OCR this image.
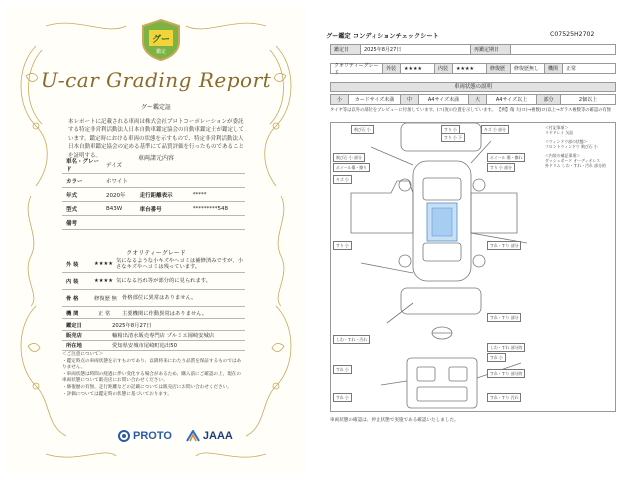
グー
鑑定
U-car Grading Report
グー鑑定証
本レポートに記載される車両は株式会社プロトコーポレーションが委託する特定非営利活動法人日本自動車鑑定協会の自動車鑑定士が鑑定しています。鑑定時における車両の状態を示すもので、特定非営利活動法人日本自動車鑑定協会の定める基準にて品質評価を行ったものであることを証明する。	車両諸元内容
車名・グレード	デイズ		
カラー	ホワイト		
年式	2020年	走行距離表示	*****
型式	B43W	車台番号	*********548
備考			
クオリティーグレード
外 装	★★★★
気になるような小キズやヘコミは補修済みですが、小さなキズやヘコミは残っています。
内 装	★★★★ 気になる汚れ等が部分的に見られます。
骨 格	修復歴 無 骨格部位に異常はありません。
機 関	正 常	主要機関に作動異常はありません。
鑑定日	2025年8月27日
販売店	輸箱出清水販売専門店 プルミエ岡崎安城店
所在地	愛知県安城市尾崎町追出50
＜ご注意について＞
・鑑定時点の車両状態を示すものであり、以降将来にわたり品質を保証するものではありません。
・車両状態は時間の経過に伴い変化する場合があるため、購入前にご確認の上、現在の車両状態について販売店にお問い合わせください。
・修復歴の有無、走行距離などの記載については販売店にお問い合わせください。
・評価については鑑定時の状態に基づいております。
PROTO	JAAA
グー鑑定 コンディションチェックシート	C07525H2702
鑑定日	2025年8月27日	再鑑定期日
クオリティーグレード
外装	★★★★	内装	★★★★	修復歴	修復歴無し	機関	正常
車両状態の説明
小	カードサイズ未満	中	A4サイズ未満	大	A4サイズ以上	部分	2個以上
タイヤ等は以外の部位をプレビューに付加しています。(コ)度の位置を示しています。 【例】傷 大(ロ)→複数(ロ)以上→ガラス複数等の確認の有無
飛び石 小	すり 小
すり 小 下
キズ 小 部分
飛び石 小 部分
ホイール傷・擦り
キズ 小
ホイール 傷・擦れ
すり 小 部分
すり 小	すれ・すり 部分
すれ・すり 部分
しわ・すれ・汚れ
しわ・すれ 部分的
すれ 小
すれ 小
すれ・すり 部分的
すれ 小	すれ・すり 汚れ
＜付記事項＞
リヤドレイ 欠品
＜ウィンドウ部の状態＞
フロントウィンドウ 飛び石 小
＜内装の補記事項＞
ダッシュボード オーディオレス
外ドリム しわ・すれ・汚れ 部分的
車両状態の確認は、停止状態で実施である確認いたしました。
